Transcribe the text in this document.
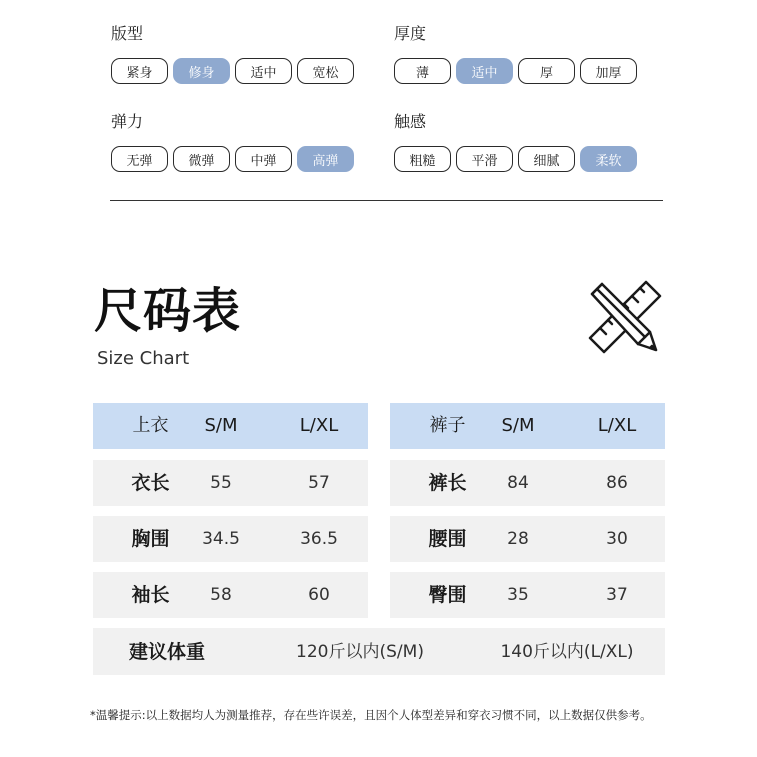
版型
紧身	修身	适中	宽松
厚度
薄	适中	厚	加厚
弹力
无弹	微弹	中弹	高弹
触感
粗糙	平滑	细腻	柔软
尺码表
Size Chart
上衣	S/M	L/XL
衣长	55	57
胸围	34.5	36.5
袖长	58	60
裤子	S/M	L/XL
裤长	84	86
腰围	28	30
臀围	35	37
建议体重	120斤以内(S/M)	140斤以内(L/XL)
*温馨提示:以上数据均人为测量推荐，存在些许误差，且因个人体型差异和穿衣习惯不同，以上数据仅供参考。
